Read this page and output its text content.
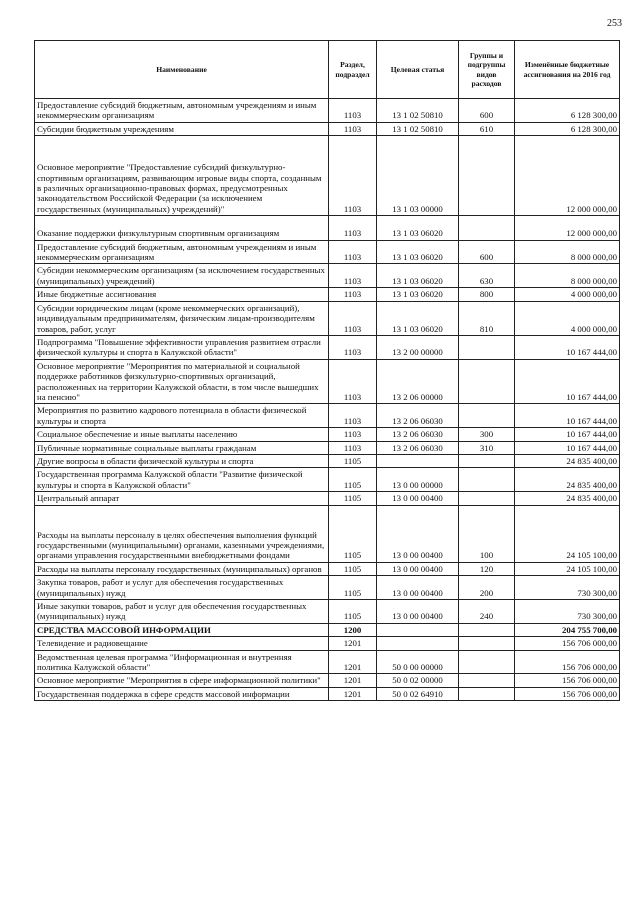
253
Наименование	Раздел, подраздел	Целевая статья	Группы и подгруппы видов расходов	Изменённые бюджетные ассигнования на 2016 год
Предоставление субсидий бюджетным, автономным учреждениям и иным некоммерческим организациям	1103	13 1 02 50810	600	6 128 300,00
Субсидии бюджетным учреждениям	1103	13 1 02 50810	610	6 128 300,00
Основное мероприятие "Предоставление субсидий физкультурно-спортивным организациям, развивающим игровые виды спорта, созданным в различных организационно-правовых формах, предусмотренных законодательством Российской Федерации (за исключением государственных (муниципальных) учреждений)"	1103	13 1 03 00000		12 000 000,00
Оказание поддержки физкультурным спортивным организациям	1103	13 1 03 06020		12 000 000,00
Предоставление субсидий бюджетным, автономным учреждениям и иным некоммерческим организациям	1103	13 1 03 06020	600	8 000 000,00
Субсидии некоммерческим организациям (за исключением государственных (муниципальных) учреждений)	1103	13 1 03 06020	630	8 000 000,00
Иные бюджетные ассигнования	1103	13 1 03 06020	800	4 000 000,00
Субсидии юридическим лицам (кроме некоммерческих организаций), индивидуальным предпринимателям, физическим лицам-производителям товаров, работ, услуг	1103	13 1 03 06020	810	4 000 000,00
Подпрограмма "Повышение эффективности управления развитием отрасли физической культуры и спорта в Калужской области"	1103	13 2 00 00000		10 167 444,00
Основное мероприятие "Мероприятия по материальной и социальной поддержке работников физкультурно-спортивных организаций, расположенных на территории Калужской области, в том числе вышедших на пенсию"	1103	13 2 06 00000		10 167 444,00
Мероприятия по развитию кадрового потенциала в области физической культуры и спорта	1103	13 2 06 06030		10 167 444,00
Социальное обеспечение и иные выплаты населению	1103	13 2 06 06030	300	10 167 444,00
Публичные нормативные социальные выплаты гражданам	1103	13 2 06 06030	310	10 167 444,00
Другие вопросы в области физической культуры и спорта	1105			24 835 400,00
Государственная программа Калужской области "Развитие физической культуры и спорта в Калужской области"	1105	13 0 00 00000		24 835 400,00
Центральный аппарат	1105	13 0 00 00400		24 835 400,00
Расходы на выплаты персоналу в целях обеспечения выполнения функций государственными (муниципальными) органами, казенными учреждениями, органами управления государственными внебюджетными фондами	1105	13 0 00 00400	100	24 105 100,00
Расходы на выплаты персоналу государственных (муниципальных) органов	1105	13 0 00 00400	120	24 105 100,00
Закупка товаров, работ и услуг для обеспечения государственных (муниципальных) нужд	1105	13 0 00 00400	200	730 300,00
Иные закупки товаров, работ и услуг для обеспечения государственных (муниципальных) нужд	1105	13 0 00 00400	240	730 300,00
СРЕДСТВА МАССОВОЙ ИНФОРМАЦИИ	1200			204 755 700,00
Телевидение и радиовещание	1201			156 706 000,00
Ведомственная целевая программа "Информационная и внутренняя политика Калужской области"	1201	50 0 00 00000		156 706 000,00
Основное мероприятие "Мероприятия в сфере информационной политики"	1201	50 0 02 00000		156 706 000,00
Государственная поддержка в сфере средств массовой информации	1201	50 0 02 64910		156 706 000,00
